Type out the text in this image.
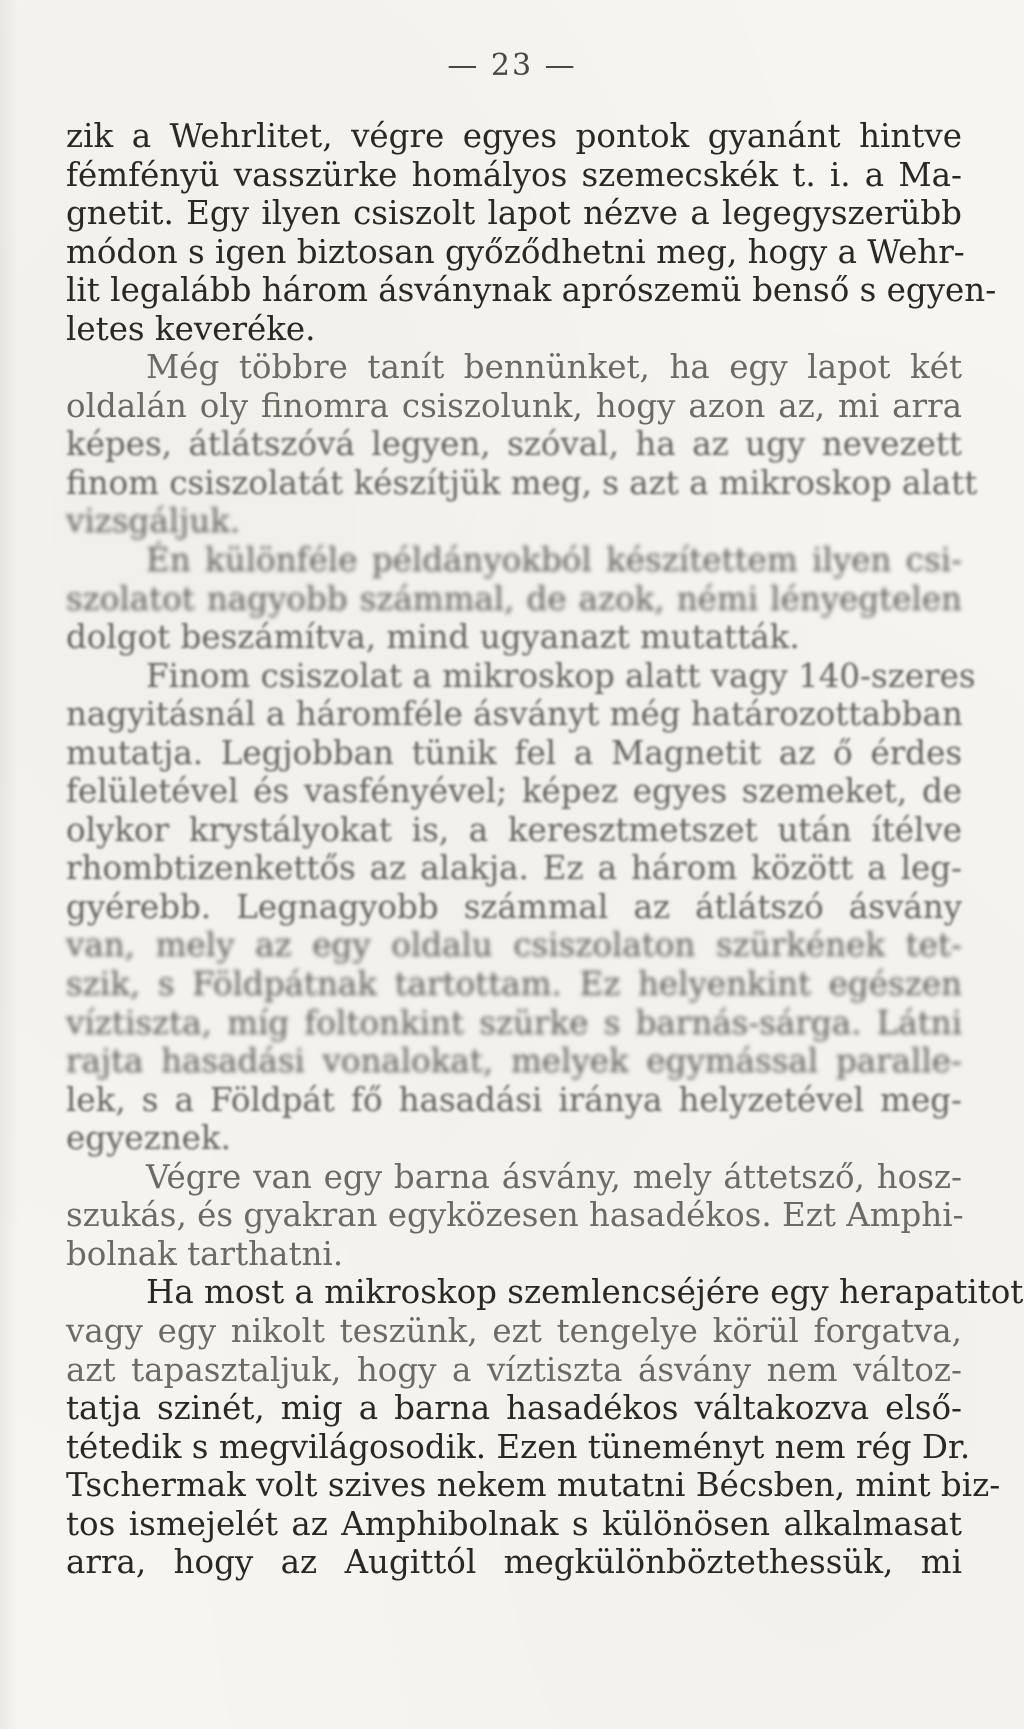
— 23 —
zik a Wehrlitet, végre egyes pontok gyanánt hintve
fémfényü vasszürke homályos szemecskék t. i. a Ma-
gnetit. Egy ilyen csiszolt lapot nézve a legegyszerübb
módon s igen biztosan győződhetni meg, hogy a Wehr-
lit legalább három ásványnak aprószemü benső s egyen-
letes keveréke.
Még többre tanít bennünket, ha egy lapot két
oldalán oly finomra csiszolunk, hogy azon az, mi arra
képes, átlátszóvá legyen, szóval, ha az ugy nevezett
finom csiszolatát készítjük meg, s azt a mikroskop alatt
vizsgáljuk.
Én különféle példányokból készítettem ilyen csi-
szolatot nagyobb számmal, de azok, némi lényegtelen
dolgot beszámítva, mind ugyanazt mutatták.
Finom csiszolat a mikroskop alatt vagy 140-szeres
nagyitásnál a háromféle ásványt még határozottabban
mutatja. Legjobban tünik fel a Magnetit az ő érdes
felületével és vasfényével; képez egyes szemeket, de
olykor krystályokat is, a keresztmetszet után ítélve
rhombtizenkettős az alakja. Ez a három között a leg-
gyérebb. Legnagyobb számmal az átlátszó ásvány
van, mely az egy oldalu csiszolaton szürkének tet-
szik, s Földpátnak tartottam. Ez helyenkint egészen
víztiszta, míg foltonkint szürke s barnás-sárga. Látni
rajta hasadási vonalokat, melyek egymással paralle-
lek, s a Földpát fő hasadási iránya helyzetével meg-
egyeznek.
Végre van egy barna ásvány, mely áttetsző, hosz-
szukás, és gyakran egyközesen hasadékos. Ezt Amphi-
bolnak tarthatni.
Ha most a mikroskop szemlencséjére egy herapatitot
vagy egy nikolt teszünk, ezt tengelye körül forgatva,
azt tapasztaljuk, hogy a víztiszta ásvány nem változ-
tatja szinét, mig a barna hasadékos váltakozva első-
tétedik s megvilágosodik. Ezen tüneményt nem rég Dr.
Tschermak volt szives nekem mutatni Bécsben, mint biz-
tos ismejelét az Amphibolnak s különösen alkalmasat
arra, hogy az Augittól megkülönböztethessük, mi
